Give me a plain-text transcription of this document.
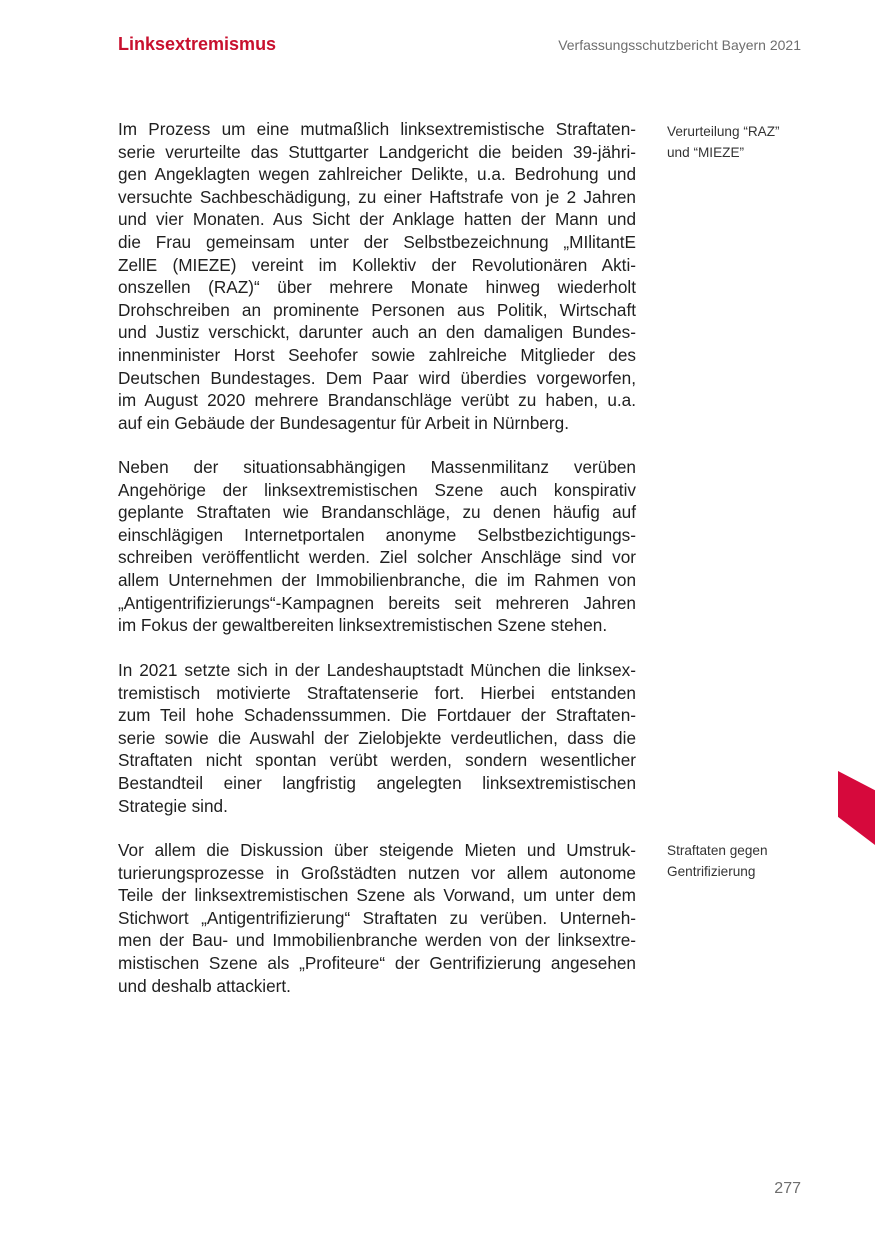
Linksextremismus	Verfassungsschutzbericht Bayern 2021
Im Prozess um eine mutmaßlich linksextremistische Straftaten-
serie verurteilte das Stuttgarter Landgericht die beiden 39-jähri-
gen Angeklagten wegen zahlreicher Delikte, u.a. Bedrohung und
versuchte Sachbeschädigung, zu einer Haftstrafe von je 2 Jahren
und vier Monaten. Aus Sicht der Anklage hatten der Mann und
die Frau gemeinsam unter der Selbstbezeichnung „MIlitantE
ZellE (MIEZE) vereint im Kollektiv der Revolutionären Akti-
onszellen (RAZ)“ über mehrere Monate hinweg wiederholt
Drohschreiben an prominente Personen aus Politik, Wirtschaft
und Justiz verschickt, darunter auch an den damaligen Bundes-
innenminister Horst Seehofer sowie zahlreiche Mitglieder des
Deutschen Bundestages. Dem Paar wird überdies vorgeworfen,
im August 2020 mehrere Brandanschläge verübt zu haben, u.a.
auf ein Gebäude der Bundesagentur für Arbeit in Nürnberg.
Neben der situationsabhängigen Massenmilitanz verüben
Angehörige der linksextremistischen Szene auch konspirativ
geplante Straftaten wie Brandanschläge, zu denen häufig auf
einschlägigen Internetportalen anonyme Selbstbezichtigungs-
schreiben veröffentlicht werden. Ziel solcher Anschläge sind vor
allem Unternehmen der Immobilienbranche, die im Rahmen von
„Antigentrifizierungs“-Kampagnen bereits seit mehreren Jahren
im Fokus der gewaltbereiten linksextremistischen Szene stehen.
In 2021 setzte sich in der Landeshauptstadt München die linksex-
tremistisch motivierte Straftatenserie fort. Hierbei entstanden
zum Teil hohe Schadenssummen. Die Fortdauer der Straftaten-
serie sowie die Auswahl der Zielobjekte verdeutlichen, dass die
Straftaten nicht spontan verübt werden, sondern wesentlicher
Bestandteil einer langfristig angelegten linksextremistischen
Strategie sind.
Vor allem die Diskussion über steigende Mieten und Umstruk-
turierungsprozesse in Großstädten nutzen vor allem autonome
Teile der linksextremistischen Szene als Vorwand, um unter dem
Stichwort „Antigentrifizierung“ Straftaten zu verüben. Unterneh-
men der Bau- und Immobilienbranche werden von der linksextre-
mistischen Szene als „Profiteure“ der Gentrifizierung angesehen
und deshalb attackiert.
Verurteilung “RAZ”
und “MIEZE”
Straftaten gegen
Gentrifizierung
277
